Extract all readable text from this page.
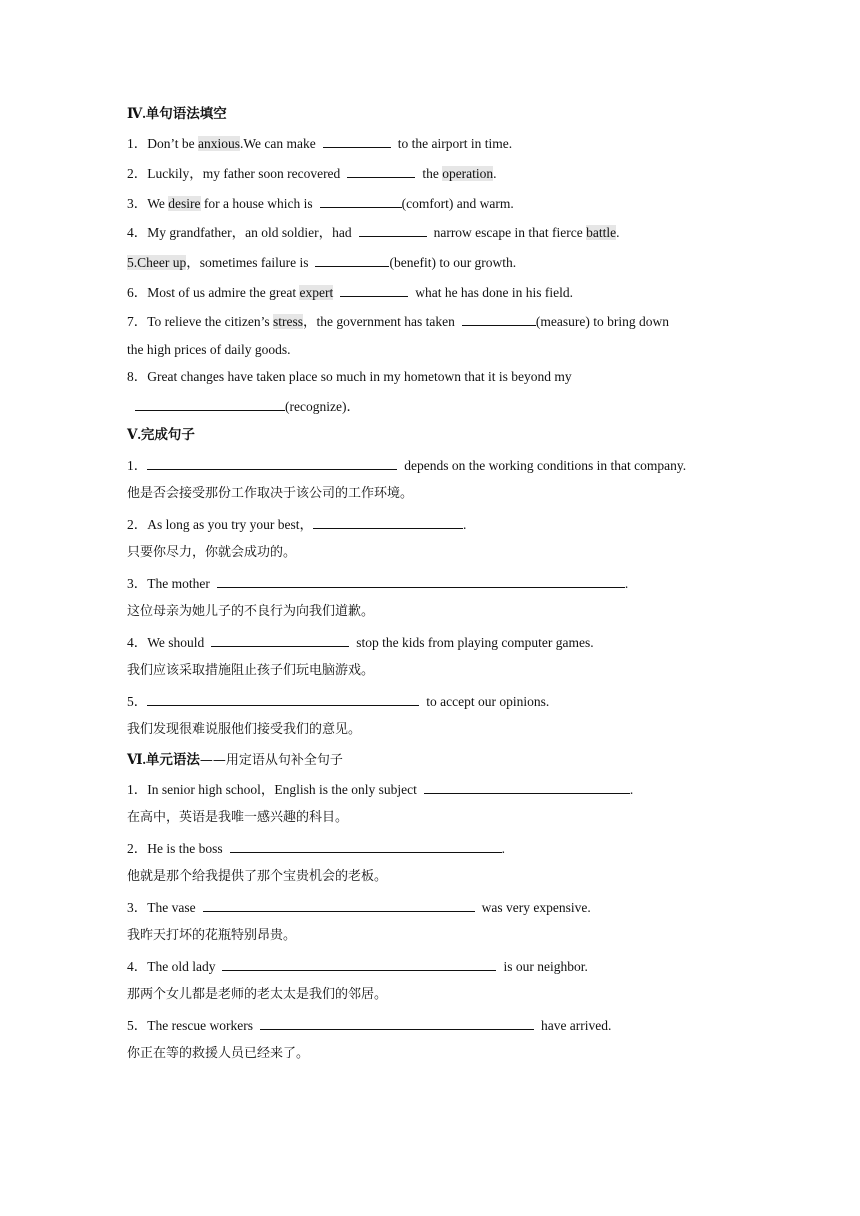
Ⅳ.单句语法填空
1．Don’t be anxious.We can make	to the airport in time.
2．Luckily，my father soon recovered	the operation.
3．We desire for a house which is	(comfort) and warm.
4．My grandfather，an old soldier，had	narrow escape in that fierce battle.
5.Cheer up，sometimes failure is	(benefit) to our growth.
6．Most of us admire the great expert	what he has done in his field.
7．To relieve the citizen’s stress，the government has taken	(measure) to bring down
the high prices of daily goods.
8．Great changes have taken place so much in my hometown that it is beyond my
(recognize)．
Ⅴ.完成句子
1．	depends on the working conditions in that company.
他是否会接受那份工作取决于该公司的工作环境。
2．As long as you try your best，	.
只要你尽力，你就会成功的。
3．The mother	.
这位母亲为她儿子的不良行为向我们道歉。
4．We should	stop the kids from playing computer games.
我们应该采取措施阻止孩子们玩电脑游戏。
5．	to accept our opinions.
我们发现很难说服他们接受我们的意见。
Ⅵ.单元语法——用定语从句补全句子
1．In senior high school，English is the only subject	.
在高中，英语是我唯一感兴趣的科目。
2．He is the boss	.
他就是那个给我提供了那个宝贵机会的老板。
3．The vase	was very expensive.
我昨天打坏的花瓶特别昂贵。
4．The old lady	is our neighbor.
那两个女儿都是老师的老太太是我们的邻居。
5．The rescue workers	have arrived.
你正在等的救援人员已经来了。
